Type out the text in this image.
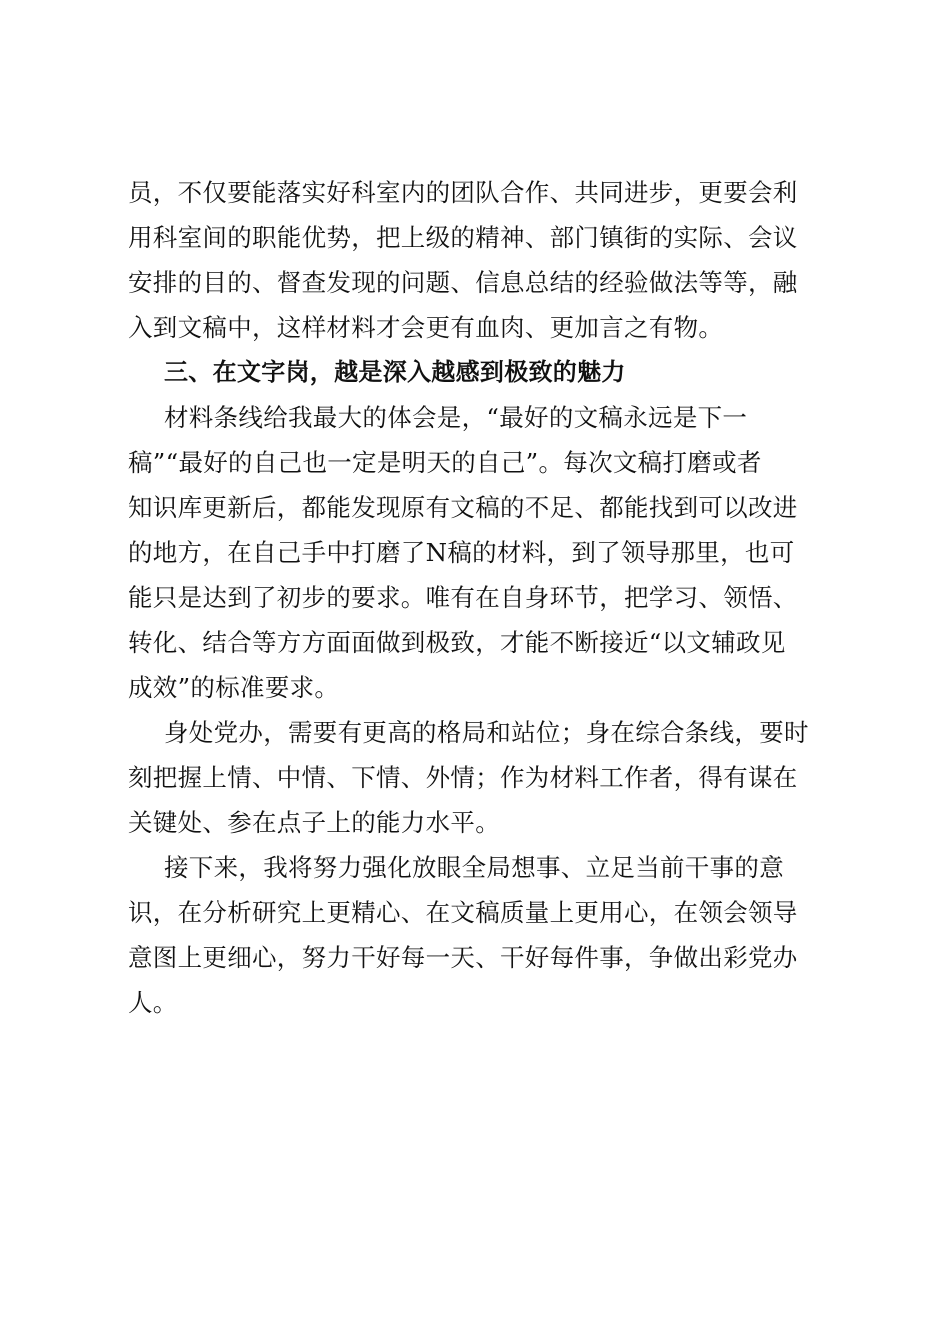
员，不仅要能落实好科室内的团队合作、共同进步，更要会利
用科室间的职能优势，把上级的精神、部门镇街的实际、会议
安排的目的、督查发现的问题、信息总结的经验做法等等，融
入到文稿中，这样材料才会更有血肉、更加言之有物。
三、在文字岗，越是深入越感到极致的魅力
材料条线给我最大的体会是，“最好的文稿永远是下一
稿”“最好的自己也一定是明天的自己”。每次文稿打磨或者
知识库更新后，都能发现原有文稿的不足、都能找到可以改进
的地方，在自己手中打磨了N稿的材料，到了领导那里，也可
能只是达到了初步的要求。唯有在自身环节，把学习、领悟、
转化、结合等方方面面做到极致，才能不断接近“以文辅政见
成效”的标准要求。
身处党办，需要有更高的格局和站位；身在综合条线，要时
刻把握上情、中情、下情、外情；作为材料工作者，得有谋在
关键处、参在点子上的能力水平。
接下来，我将努力强化放眼全局想事、立足当前干事的意
识，在分析研究上更精心、在文稿质量上更用心，在领会领导
意图上更细心，努力干好每一天、干好每件事，争做出彩党办
人。
